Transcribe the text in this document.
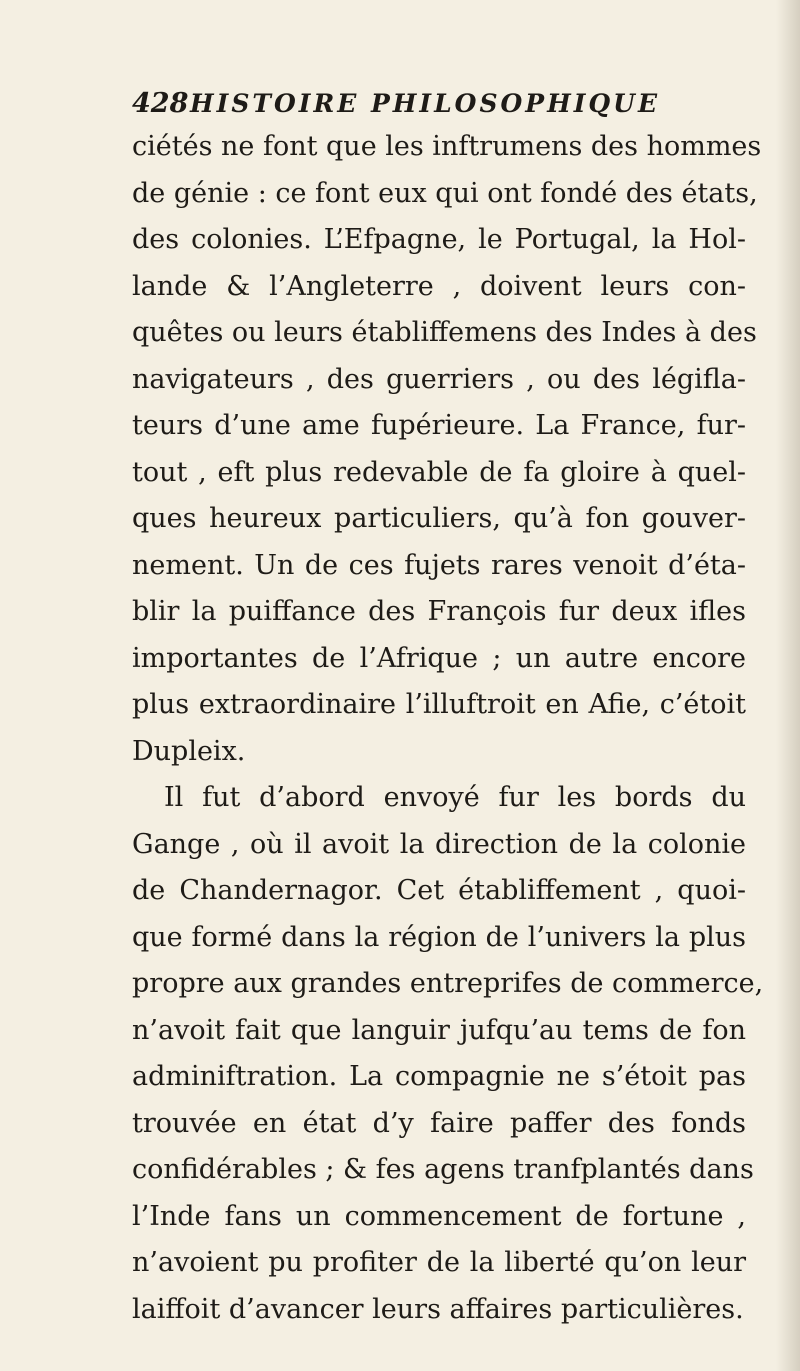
428 HISTOIRE PHILOSOPHIQUE
ciétés ne font que les inftrumens des hommes
de génie : ce font eux qui ont fondé des états,
des colonies. L’Efpagne, le Portugal, la Hol-
lande & l’Angleterre , doivent leurs con-
quêtes ou leurs établiffemens des Indes à des
navigateurs , des guerriers , ou des légifla-
teurs d’une ame fupérieure. La France, fur-
tout , eft plus redevable de fa gloire à quel-
ques heureux particuliers, qu’à fon gouver-
nement. Un de ces fujets rares venoit d’éta-
blir la puiffance des François fur deux ifles
importantes de l’Afrique ; un autre encore
plus extraordinaire l’illuftroit en Afie, c’étoit
Dupleix.
Il fut d’abord envoyé fur les bords du
Gange , où il avoit la direction de la colonie
de Chandernagor. Cet établiffement , quoi-
que formé dans la région de l’univers la plus
propre aux grandes entreprifes de commerce,
n’avoit fait que languir jufqu’au tems de fon
adminiftration. La compagnie ne s’étoit pas
trouvée en état d’y faire paffer des fonds
confidérables ; & fes agens tranfplantés dans
l’Inde fans un commencement de fortune ,
n’avoient pu profiter de la liberté qu’on leur
laiffoit d’avancer leurs affaires particulières.
